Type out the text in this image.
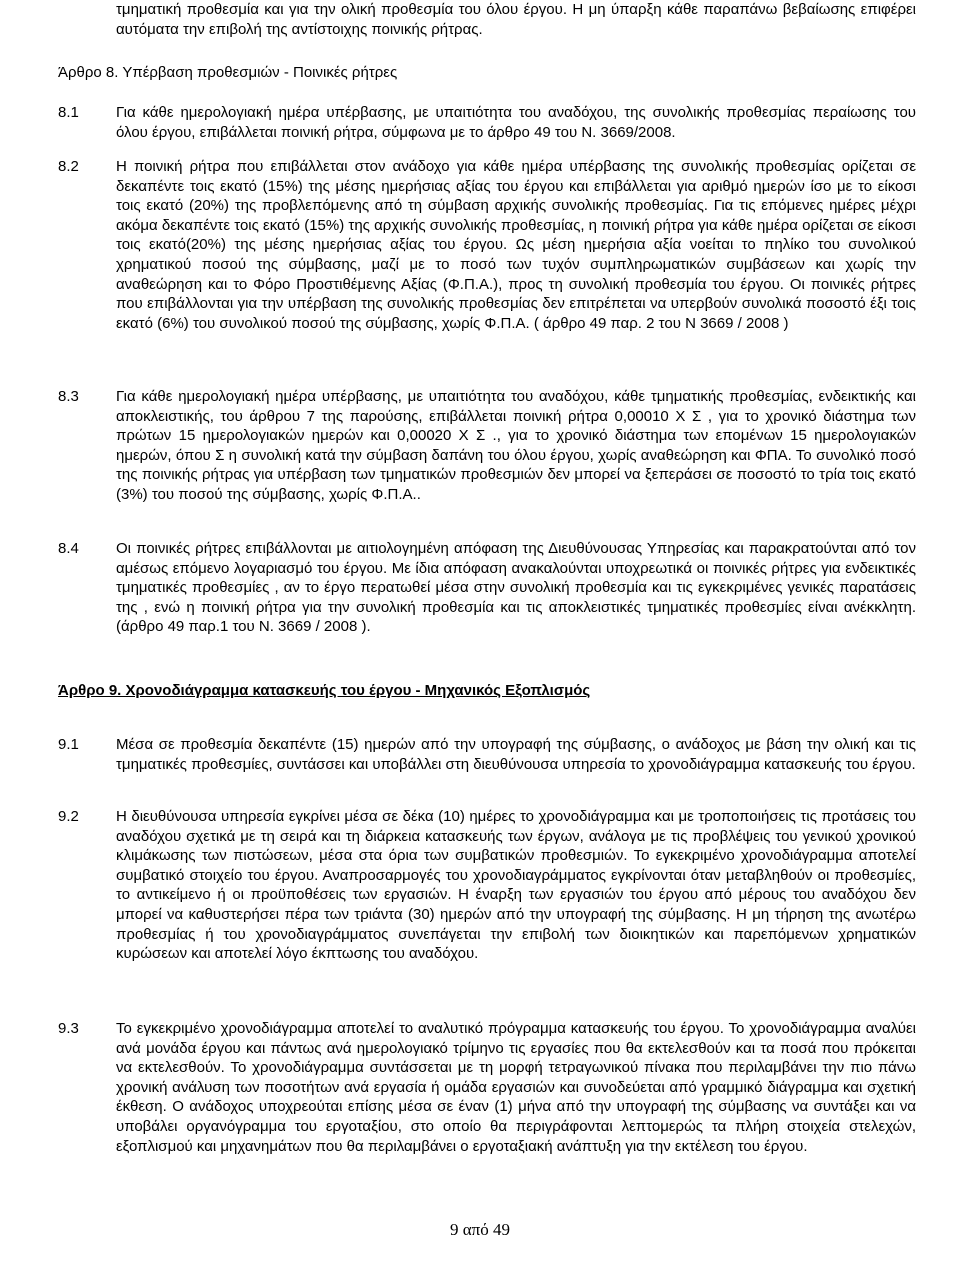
τμηματική προθεσμία και για την ολική προθεσμία του όλου έργου. Η μη ύπαρξη κάθε παραπάνω βεβαίωσης επιφέρει αυτόματα την επιβολή της αντίστοιχης ποινικής ρήτρας.
Άρθρο 8. Υπέρβαση προθεσμιών - Ποινικές ρήτρες
8.1	Για κάθε ημερολογιακή ημέρα υπέρβασης, με υπαιτιότητα του αναδόχου, της συνολικής προθεσμίας περαίωσης του όλου έργου, επιβάλλεται ποινική ρήτρα, σύμφωνα με το άρθρο 49 του Ν. 3669/2008.
8.2	Η ποινική ρήτρα που επιβάλλεται στον ανάδοχο για κάθε ημέρα υπέρβασης της συνολικής προθεσμίας ορίζεται σε δεκαπέντε τοις εκατό (15%) της μέσης ημερήσιας αξίας του έργου και επιβάλλεται για αριθμό ημερών ίσο με το είκοσι τοις εκατό (20%) της προβλεπόμενης από τη σύμβαση αρχικής συνολικής προθεσμίας. Για τις επόμενες ημέρες μέχρι ακόμα δεκαπέντε τοις εκατό (15%) της αρχικής συνολικής προθεσμίας, η ποινική ρήτρα για κάθε ημέρα ορίζεται σε είκοσι τοις εκατό(20%) της μέσης ημερήσιας αξίας του έργου. Ως μέση ημερήσια αξία νοείται το πηλίκο του συνολικού χρηματικού ποσού της σύμβασης, μαζί με το ποσό των τυχόν συμπληρωματικών συμβάσεων και χωρίς την αναθεώρηση και το Φόρο Προστιθέμενης Αξίας (Φ.Π.Α.), προς τη συνολική προθεσμία του έργου. Οι ποινικές ρήτρες που επιβάλλονται για την υπέρβαση της συνολικής προθεσμίας δεν επιτρέπεται να υπερβούν συνολικά ποσοστό έξι τοις εκατό (6%) του συνολικού ποσού της σύμβασης, χωρίς Φ.Π.Α. ( άρθρο 49 παρ. 2 του Ν 3669 / 2008 )
8.3	Για κάθε ημερολογιακή ημέρα υπέρβασης, με υπαιτιότητα του αναδόχου, κάθε τμηματικής προθεσμίας, ενδεικτικής και αποκλειστικής, του άρθρου 7 της παρούσης, επιβάλλεται ποινική ρήτρα 0,00010 Χ Σ , για το χρονικό διάστημα των πρώτων 15 ημερολογιακών ημερών και 0,00020 Χ Σ ., για το χρονικό διάστημα των επομένων 15 ημερολογιακών ημερών, όπου Σ η συνολική κατά την σύμβαση δαπάνη του όλου έργου, χωρίς αναθεώρηση και ΦΠΑ. Το συνολικό ποσό της ποινικής ρήτρας για υπέρβαση των τμηματικών προθεσμιών δεν μπορεί να ξεπεράσει σε ποσοστό το τρία τοις εκατό (3%) του ποσού της σύμβασης, χωρίς Φ.Π.Α..
8.4	Οι ποινικές ρήτρες επιβάλλονται με αιτιολογημένη απόφαση της Διευθύνουσας Υπηρεσίας και παρακρατούνται από τον αμέσως επόμενο λογαριασμό του έργου. Με ίδια απόφαση ανακαλούνται υποχρεωτικά οι ποινικές ρήτρες για ενδεικτικές τμηματικές προθεσμίες , αν το έργο περατωθεί μέσα στην συνολική προθεσμία και τις εγκεκριμένες γενικές παρατάσεις της , ενώ η ποινική ρήτρα για την συνολική προθεσμία και τις αποκλειστικές τμηματικές προθεσμίες είναι ανέκκλητη. (άρθρο 49 παρ.1 του Ν. 3669 / 2008 ).
Άρθρο 9. Χρονοδιάγραμμα κατασκευής του έργου - Μηχανικός Εξοπλισμός
9.1	Μέσα σε προθεσμία δεκαπέντε (15) ημερών από την υπογραφή της σύμβασης, ο ανάδοχος με βάση την ολική και τις τμηματικές προθεσμίες, συντάσσει και υποβάλλει στη διευθύνουσα υπηρεσία το χρονοδιάγραμμα κατασκευής του έργου.
9.2	Η διευθύνουσα υπηρεσία εγκρίνει μέσα σε δέκα (10) ημέρες το χρονοδιάγραμμα και με τροποποιήσεις τις προτάσεις του αναδόχου σχετικά με τη σειρά και τη διάρκεια κατασκευής των έργων, ανάλογα με τις προβλέψεις του γενικού χρονικού κλιμάκωσης των πιστώσεων, μέσα στα όρια των συμβατικών προθεσμιών. Το εγκεκριμένο χρονοδιάγραμμα αποτελεί συμβατικό στοιχείο του έργου. Αναπροσαρμογές του χρονοδιαγράμματος εγκρίνονται όταν μεταβληθούν οι προθεσμίες, το αντικείμενο ή οι προϋποθέσεις των εργασιών. Η έναρξη των εργασιών του έργου από μέρους του αναδόχου δεν μπορεί να καθυστερήσει πέρα των τριάντα (30) ημερών από την υπογραφή της σύμβασης. Η μη τήρηση της ανωτέρω προθεσμίας ή του χρονοδιαγράμματος συνεπάγεται την επιβολή των διοικητικών και παρεπόμενων χρηματικών κυρώσεων και αποτελεί λόγο έκπτωσης του αναδόχου.
9.3	Το εγκεκριμένο χρονοδιάγραμμα αποτελεί το αναλυτικό πρόγραμμα κατασκευής του έργου. Το χρονοδιάγραμμα αναλύει ανά μονάδα έργου και πάντως ανά ημερολογιακό τρίμηνο τις εργασίες που θα εκτελεσθούν και τα ποσά που πρόκειται να εκτελεσθούν. Το χρονοδιάγραμμα συντάσσεται με τη μορφή τετραγωνικού πίνακα που περιλαμβάνει την πιο πάνω χρονική ανάλυση των ποσοτήτων ανά εργασία ή ομάδα εργασιών και συνοδεύεται από γραμμικό διάγραμμα και σχετική έκθεση. Ο ανάδοχος υποχρεούται επίσης μέσα σε έναν (1) μήνα από την υπογραφή της σύμβασης να συντάξει και να υποβάλει οργανόγραμμα του εργοταξίου, στο οποίο θα περιγράφονται λεπτομερώς τα πλήρη στοιχεία στελεχών, εξοπλισμού και μηχανημάτων που θα περιλαμβάνει ο εργοταξιακή ανάπτυξη για την εκτέλεση του έργου.
9 από 49
